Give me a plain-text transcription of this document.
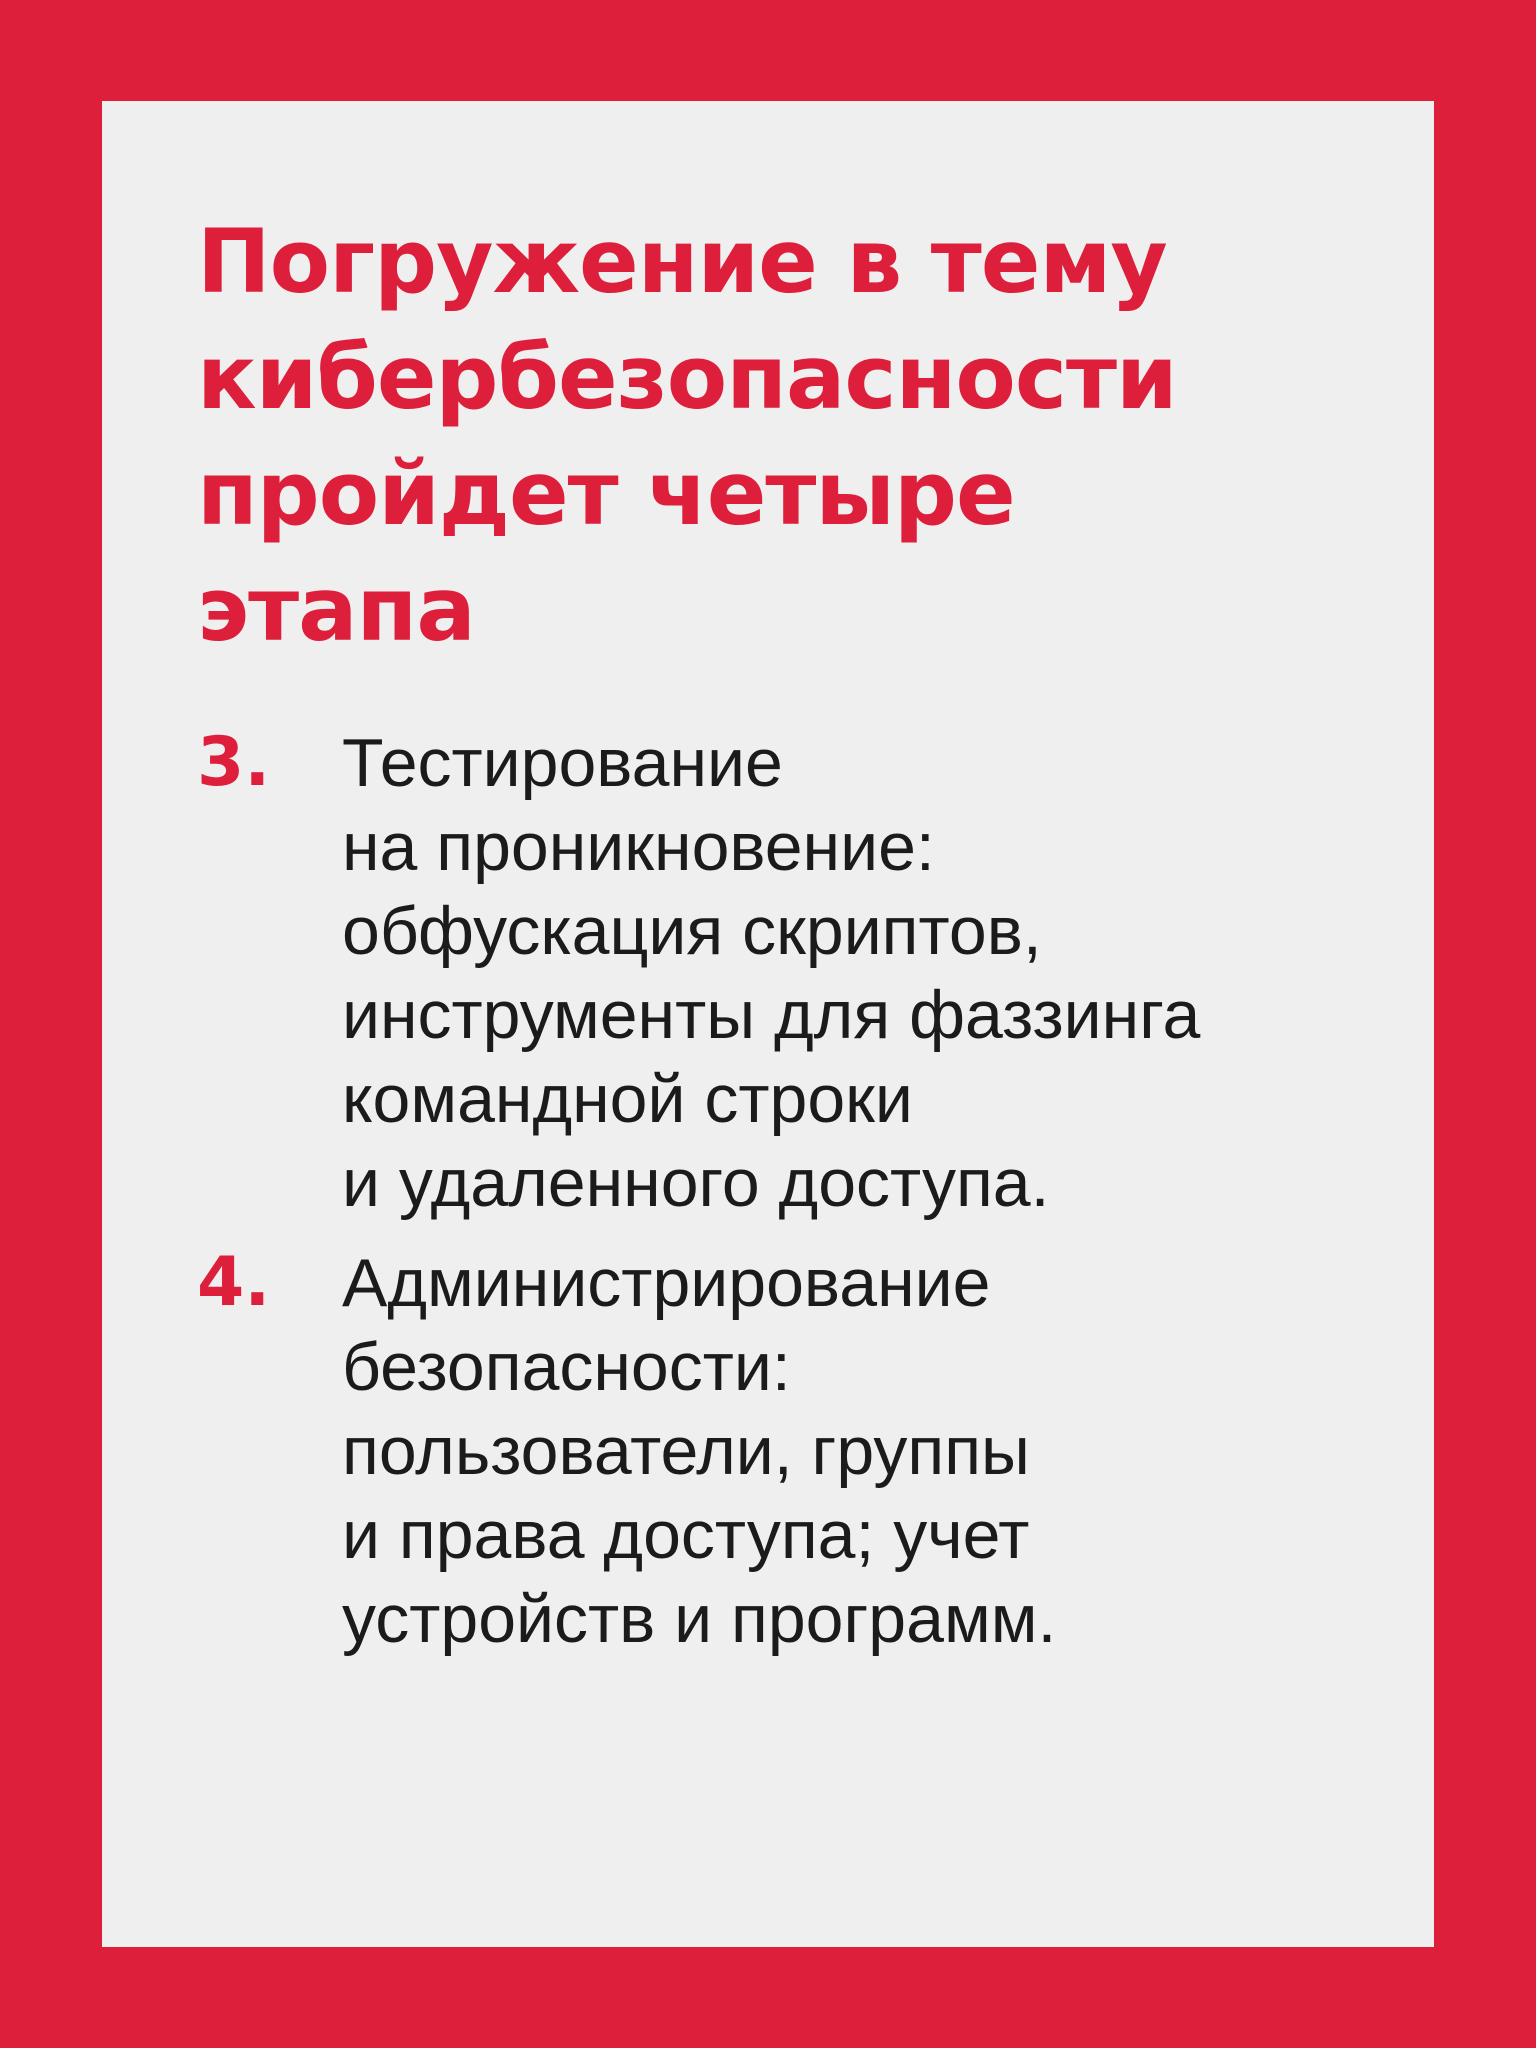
Погружение в тему
кибербезопасности
пройдет четыре
этапа
3. Тестирование
на проникновение:
обфускация скриптов,
инструменты для фаззинга
командной строки
и удаленного доступа.

4. Администрирование
безопасности:
пользователи, группы
и права доступа; учет
устройств и программ.
